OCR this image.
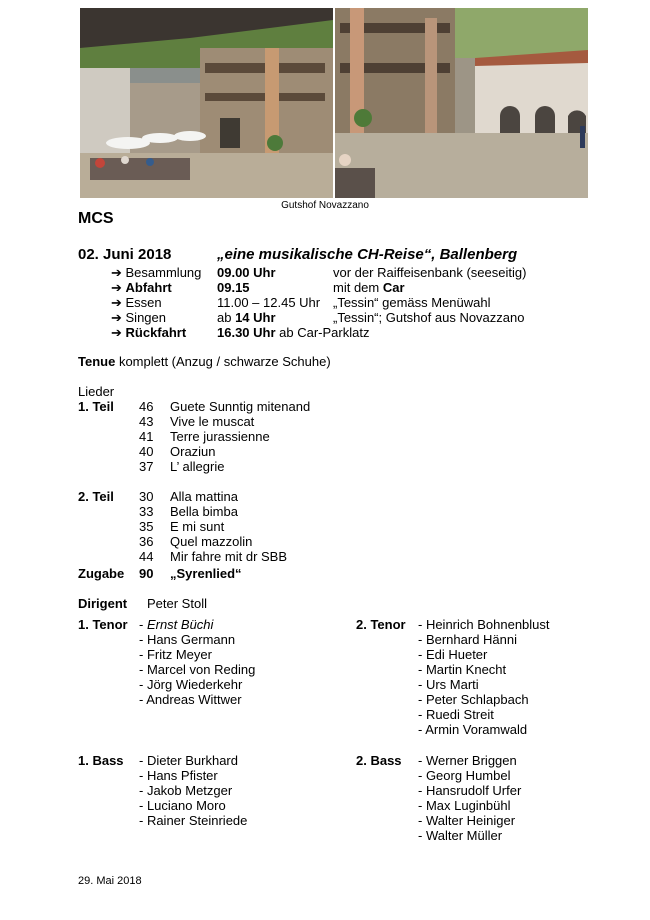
Gutshof Novazzano
MCS
02. Juni 2018	„eine musikalische CH-Reise“, Ballenberg
➔ Besammlung 09.00 Uhr	vor der Raiffeisenbank (seeseitig)
➔ Abfahrt	09.15	mit dem Car
➔ Essen	11.00 – 12.45 Uhr „Tessin“ gemäss Menüwahl
➔ Singen	ab 14 Uhr	„Tessin“; Gutshof aus Novazzano
➔ Rückfahrt 16.30 Uhr ab Car-Parklatz
Tenue komplett (Anzug / schwarze Schuhe)
Lieder
1. Teil 46 Guete Sunntig mitenand
43 Vive le muscat
41 Terre jurassienne
40 Oraziun
37 L’ allegrie
2. Teil 30 Alla mattina
33 Bella bimba
35 E mi sunt
36 Quel mazzolin
44 Mir fahre mit dr SBB
Zugabe 90 „Syrenlied“
Dirigent Peter Stoll
1. Tenor - Ernst Büchi
- Hans Germann
- Fritz Meyer
- Marcel von Reding
- Jörg Wiederkehr
- Andreas Wittwer
2. Tenor - Heinrich Bohnenblust
- Bernhard Hänni
- Edi Hueter
- Martin Knecht
- Urs Marti
- Peter Schlapbach
- Ruedi Streit
- Armin Voramwald
1. Bass - Dieter Burkhard
- Hans Pfister
- Jakob Metzger
- Luciano Moro
- Rainer Steinriede
2. Bass - Werner Briggen
- Georg Humbel
- Hansrudolf Urfer
- Max Luginbühl
- Walter Heiniger
- Walter Müller
29. Mai 2018
